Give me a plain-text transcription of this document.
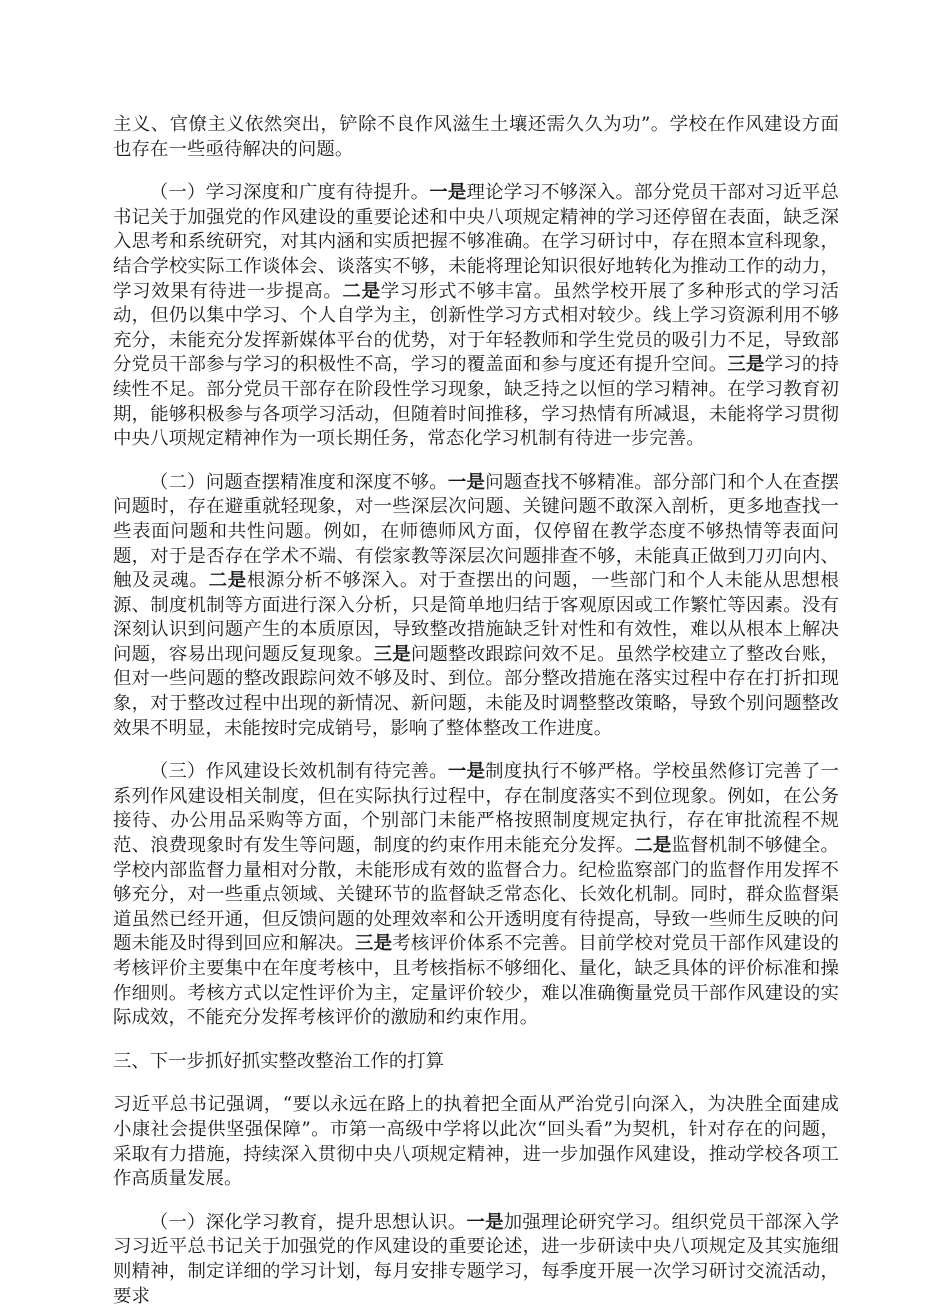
主义、官僚主义依然突出，铲除不良作风滋生土壤还需久久为功”。学校在作风建设方面也存在一些亟待解决的问题。

（一）学习深度和广度有待提升。一是理论学习不够深入。部分党员干部对习近平总书记关于加强党的作风建设的重要论述和中央八项规定精神的学习还停留在表面，缺乏深入思考和系统研究，对其内涵和实质把握不够准确。在学习研讨中，存在照本宣科现象，结合学校实际工作谈体会、谈落实不够，未能将理论知识很好地转化为推动工作的动力，学习效果有待进一步提高。二是学习形式不够丰富。虽然学校开展了多种形式的学习活动，但仍以集中学习、个人自学为主，创新性学习方式相对较少。线上学习资源利用不够充分，未能充分发挥新媒体平台的优势，对于年轻教师和学生党员的吸引力不足，导致部分党员干部参与学习的积极性不高，学习的覆盖面和参与度还有提升空间。三是学习的持续性不足。部分党员干部存在阶段性学习现象，缺乏持之以恒的学习精神。在学习教育初期，能够积极参与各项学习活动，但随着时间推移，学习热情有所减退，未能将学习贯彻中央八项规定精神作为一项长期任务，常态化学习机制有待进一步完善。

（二）问题查摆精准度和深度不够。一是问题查找不够精准。部分部门和个人在查摆问题时，存在避重就轻现象，对一些深层次问题、关键问题不敢深入剖析，更多地查找一些表面问题和共性问题。例如，在师德师风方面，仅停留在教学态度不够热情等表面问题，对于是否存在学术不端、有偿家教等深层次问题排查不够，未能真正做到刀刃向内、触及灵魂。二是根源分析不够深入。对于查摆出的问题，一些部门和个人未能从思想根源、制度机制等方面进行深入分析，只是简单地归结于客观原因或工作繁忙等因素。没有深刻认识到问题产生的本质原因，导致整改措施缺乏针对性和有效性，难以从根本上解决问题，容易出现问题反复现象。三是问题整改跟踪问效不足。虽然学校建立了整改台账，但对一些问题的整改跟踪问效不够及时、到位。部分整改措施在落实过程中存在打折扣现象，对于整改过程中出现的新情况、新问题，未能及时调整整改策略，导致个别问题整改效果不明显，未能按时完成销号，影响了整体整改工作进度。

（三）作风建设长效机制有待完善。一是制度执行不够严格。学校虽然修订完善了一系列作风建设相关制度，但在实际执行过程中，存在制度落实不到位现象。例如，在公务接待、办公用品采购等方面，个别部门未能严格按照制度规定执行，存在审批流程不规范、浪费现象时有发生等问题，制度的约束作用未能充分发挥。二是监督机制不够健全。学校内部监督力量相对分散，未能形成有效的监督合力。纪检监察部门的监督作用发挥不够充分，对一些重点领域、关键环节的监督缺乏常态化、长效化机制。同时，群众监督渠道虽然已经开通，但反馈问题的处理效率和公开透明度有待提高，导致一些师生反映的问题未能及时得到回应和解决。三是考核评价体系不完善。目前学校对党员干部作风建设的考核评价主要集中在年度考核中，且考核指标不够细化、量化，缺乏具体的评价标准和操作细则。考核方式以定性评价为主，定量评价较少，难以准确衡量党员干部作风建设的实际成效，不能充分发挥考核评价的激励和约束作用。

三、下一步抓好抓实整改整治工作的打算

习近平总书记强调，“要以永远在路上的执着把全面从严治党引向深入，为决胜全面建成小康社会提供坚强保障”。市第一高级中学将以此次“回头看”为契机，针对存在的问题，采取有力措施，持续深入贯彻中央八项规定精神，进一步加强作风建设，推动学校各项工作高质量发展。

（一）深化学习教育，提升思想认识。一是加强理论研究学习。组织党员干部深入学习习近平总书记关于加强党的作风建设的重要论述，进一步研读中央八项规定及其实施细则精神，制定详细的学习计划，每月安排专题学习，每季度开展一次学习研讨交流活动，要求
